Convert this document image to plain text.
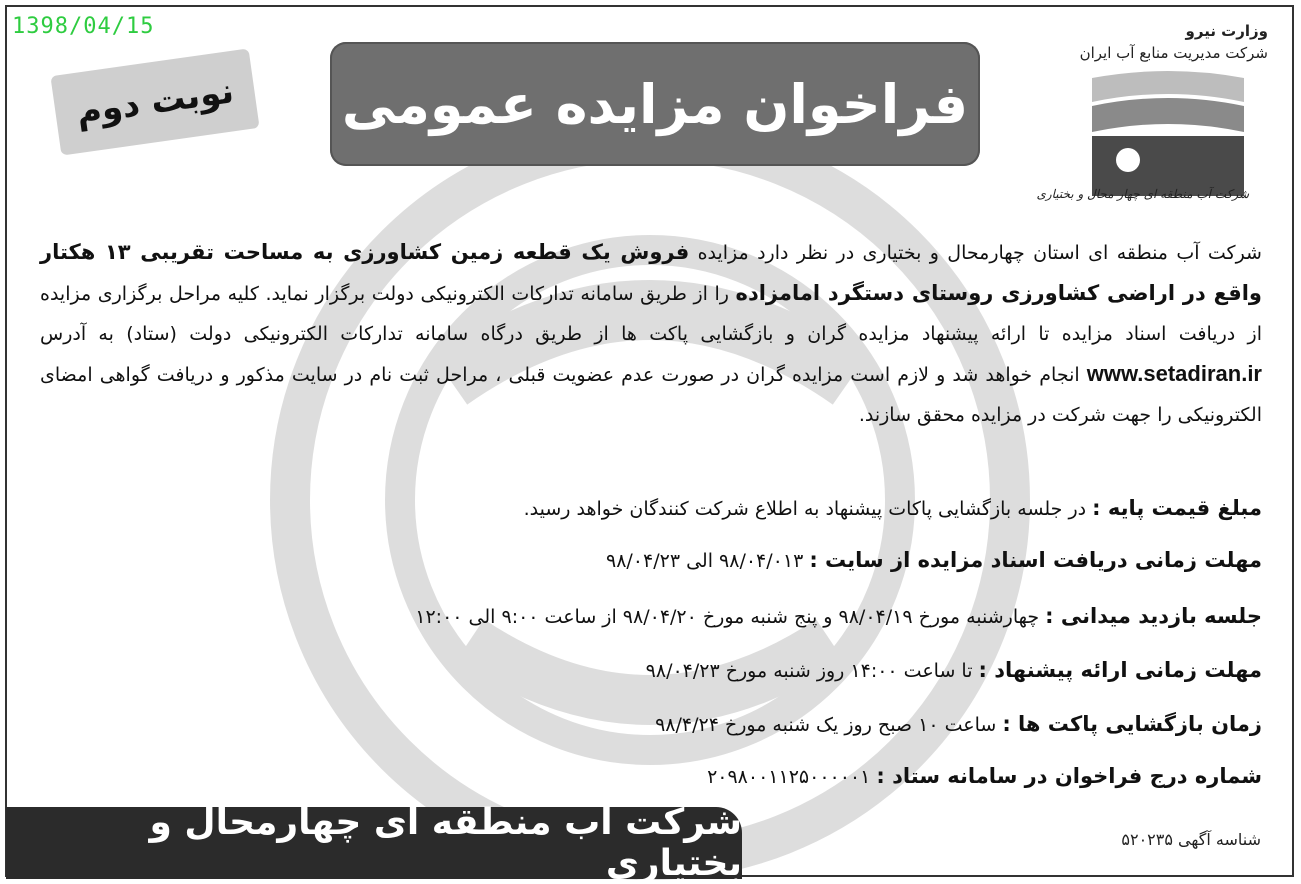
1398/04/15
نوبت دوم	فراخوان مزایده عمومی
وزارت نیرو
شرکت مدیریت منابع آب ایران
شرکت آب منطقه ای چهار محال و بختیاری
شرکت آب منطقه ای استان چهارمحال و بختیاری در نظر دارد مزایده فروش یک قطعه زمین کشاورزی به مساحت تقریبی ۱۳ هکتار واقع در اراضی کشاورزی روستای دستگرد امامزاده را از طریق سامانه تدارکات الکترونیکی دولت برگزار نماید. کلیه مراحل برگزاری مزایده از دریافت اسناد مزایده تا ارائه پیشنهاد مزایده گران و بازگشایی پاکت ها از طریق درگاه سامانه تدارکات الکترونیکی دولت (ستاد) به آدرس www.setadiran.ir انجام خواهد شد و لازم است مزایده گران در صورت عدم عضویت قبلی ، مراحل ثبت نام در سایت مذکور و دریافت گواهی امضای الکترونیکی را جهت شرکت در مزایده محقق سازند.
مبلغ قیمت پایه : در جلسه بازگشایی پاکات پیشنهاد به اطلاع شرکت کنندگان خواهد رسید.
مهلت زمانی دریافت اسناد مزایده از سایت : ۹۸/۰۴/۰۱۳ الی ۹۸/۰۴/۲۳
جلسه بازدید میدانی : چهارشنبه مورخ ۹۸/۰۴/۱۹ و پنج شنبه مورخ ۹۸/۰۴/۲۰ از ساعت ۹:۰۰ الی ۱۲:۰۰
مهلت زمانی ارائه پیشنهاد : تا ساعت ۱۴:۰۰ روز شنبه مورخ ۹۸/۰۴/۲۳
زمان بازگشایی پاکت ها : ساعت ۱۰ صبح روز یک شنبه مورخ ۹۸/۴/۲۴
شماره درج فراخوان در سامانه ستاد : ۲۰۹۸۰۰۱۱۲۵۰۰۰۰۰۱
شرکت آب منطقه ای چهارمحال و بختیاری
شناسه آگهی ۵۲۰۲۳۵
